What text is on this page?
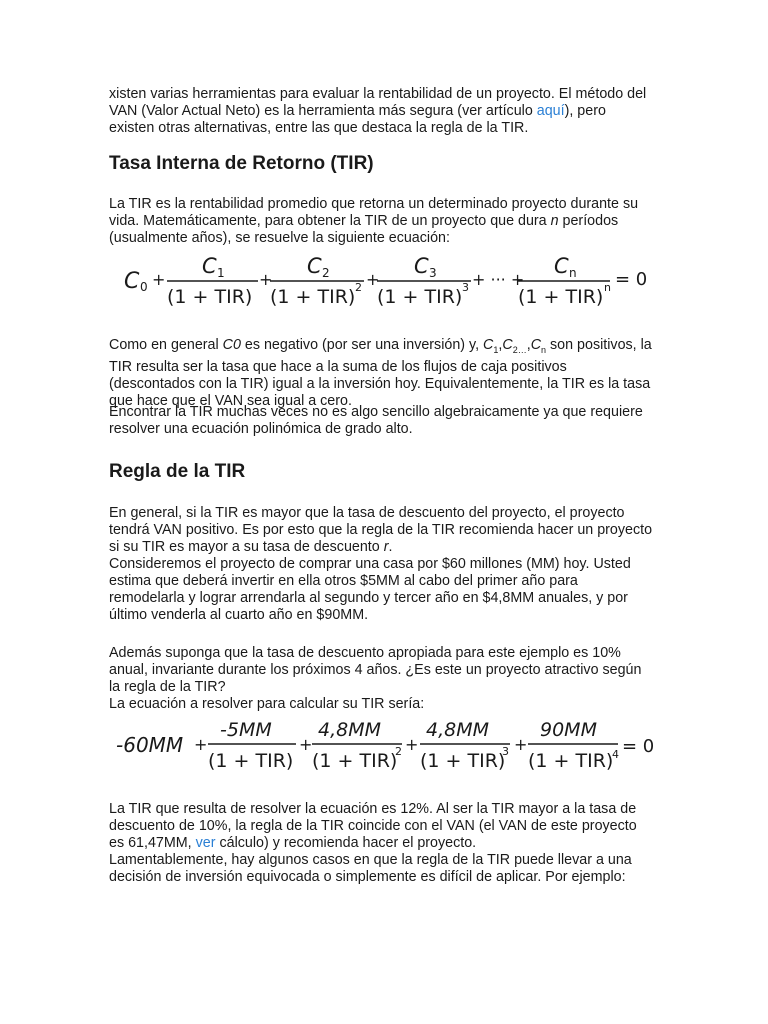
xisten varias herramientas para evaluar la rentabilidad de un proyecto. El método del VAN (Valor Actual Neto) es la herramienta más segura (ver artículo aquí), pero existen otras alternativas, entre las que destaca la regla de la TIR.

Tasa Interna de Retorno (TIR)

La TIR es la rentabilidad promedio que retorna un determinado proyecto durante su vida. Matemáticamente, para obtener la TIR de un proyecto que dura n períodos (usualmente años), se resuelve la siguiente ecuación:

C 0 +
C 1
(1 + TIR)
+
C 2
(1 + TIR) 2 +
C 3
(1 + TIR) 3 + ··· +
C n
(1 + TIR) n = 0

Como en general C0 es negativo (por ser una inversión) y, $C_1,C_{2\dots},C_n$ son positivos, la TIR resulta ser la tasa que hace a la suma de los flujos de caja positivos (descontados con la TIR) igual a la inversión hoy. Equivalentemente, la TIR es la tasa que hace que el VAN sea igual a cero.

Encontrar la TIR muchas veces no es algo sencillo algebraicamente ya que requiere resolver una ecuación polinómica de grado alto.

Regla de la TIR

En general, si la TIR es mayor que la tasa de descuento del proyecto, el proyecto tendrá VAN positivo. Es por esto que la regla de la TIR recomienda hacer un proyecto si su TIR es mayor a su tasa de descuento r.

Consideremos el proyecto de comprar una casa por $60 millones (MM) hoy. Usted estima que deberá invertir en ella otros $5MM al cabo del primer año para remodelarla y lograr arrendarla al segundo y tercer año en $4,8MM anuales, y por último venderla al cuarto año en $90MM.

Además suponga que la tasa de descuento apropiada para este ejemplo es 10% anual, invariante durante los próximos 4 años. ¿Es este un proyecto atractivo según la regla de la TIR?

La ecuación a resolver para calcular su TIR sería:

-60MM +
-5MM
(1 + TIR)
+
4,8MM
(1 + TIR)
2 +
4,8MM
(1 + TIR)
3 +
90MM
(1 + TIR)
4 = 0

La TIR que resulta de resolver la ecuación es 12%. Al ser la TIR mayor a la tasa de descuento de 10%, la regla de la TIR coincide con el VAN (el VAN de este proyecto es 61,47MM, ver cálculo) y recomienda hacer el proyecto.

Lamentablemente, hay algunos casos en que la regla de la TIR puede llevar a una decisión de inversión equivocada o simplemente es difícil de aplicar. Por ejemplo:
